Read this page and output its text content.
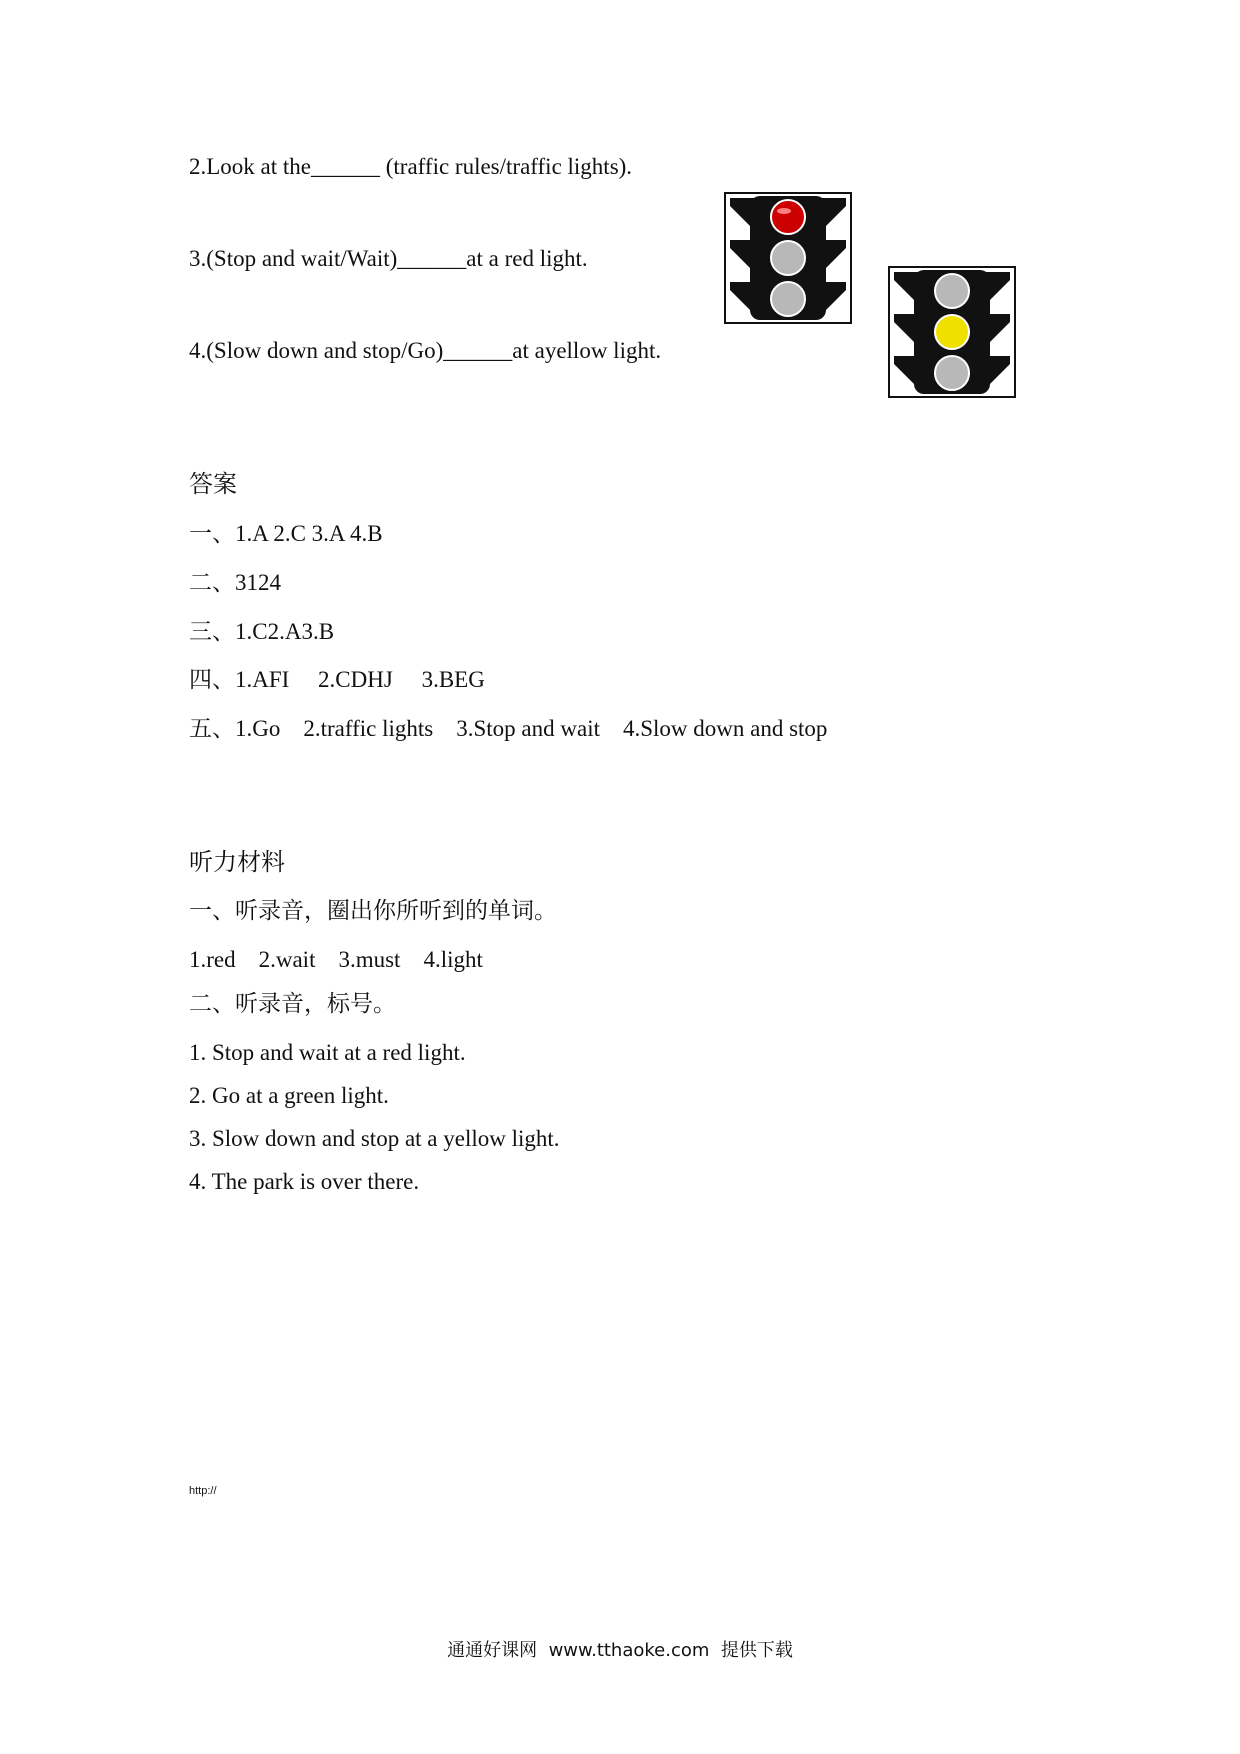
2.Look at the______ (traffic rules/traffic lights).
3.(Stop and wait/Wait)______at a red light.
4.(Slow down and stop/Go)______at ayellow light.
答案
一、1.A 2.C 3.A 4.B
二、3124
三、1.C2.A3.B
四、1.AFI     2.CDHJ     3.BEG
五、1.Go    2.traffic lights    3.Stop and wait    4.Slow down and stop
听力材料
一、听录音，圈出你所听到的单词。
1.red    2.wait    3.must    4.light
二、听录音，标号。
1. Stop and wait at a red light.
2. Go at a green light.
3. Slow down and stop at a yellow light.
4. The park is over there.
http://
通通好课网  www.tthaoke.com  提供下载
